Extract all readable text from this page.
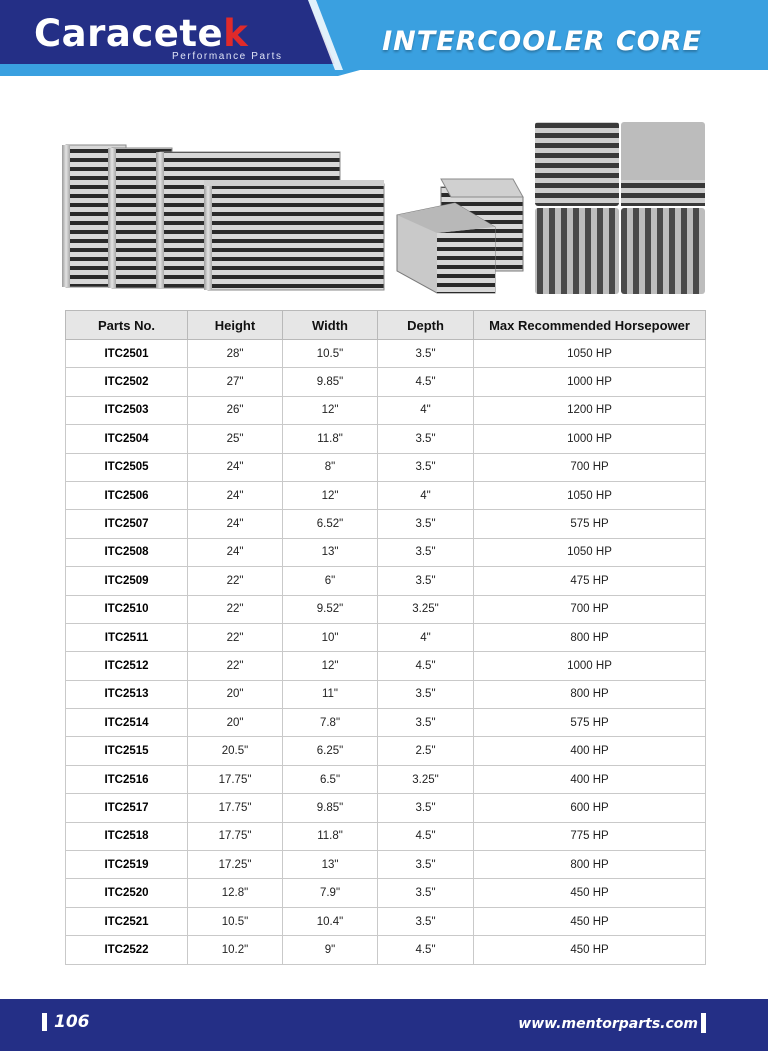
Caracetek
Performance Parts	INTERCOOLER CORE
Parts No.	Height	Width	Depth	Max Recommended Horsepower
ITC2501	28"	10.5"	3.5"	1050 HP
ITC2502	27"	9.85"	4.5"	1000 HP
ITC2503	26"	12"	4"	1200 HP
ITC2504	25"	11.8"	3.5"	1000 HP
ITC2505	24"	8"	3.5"	700 HP
ITC2506	24"	12"	4"	1050 HP
ITC2507	24"	6.52"	3.5"	575 HP
ITC2508	24"	13"	3.5"	1050 HP
ITC2509	22"	6"	3.5"	475 HP
ITC2510	22"	9.52"	3.25"	700 HP
ITC2511	22"	10"	4"	800 HP
ITC2512	22"	12"	4.5"	1000 HP
ITC2513	20"	11"	3.5"	800 HP
ITC2514	20"	7.8"	3.5"	575 HP
ITC2515	20.5"	6.25"	2.5"	400 HP
ITC2516	17.75"	6.5"	3.25"	400 HP
ITC2517	17.75"	9.85"	3.5"	600 HP
ITC2518	17.75"	11.8"	4.5"	775 HP
ITC2519	17.25"	13"	3.5"	800 HP
ITC2520	12.8"	7.9"	3.5"	450 HP
ITC2521	10.5"	10.4"	3.5"	450 HP
ITC2522	10.2"	9"	4.5"	450 HP
106	www.mentorparts.com
